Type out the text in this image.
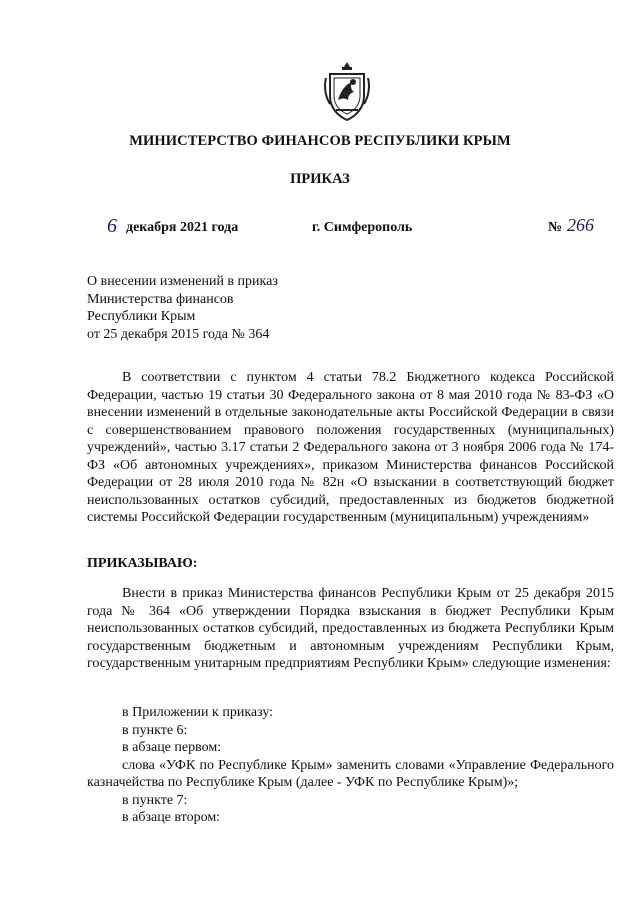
МИНИСТЕРСТВО ФИНАНСОВ РЕСПУБЛИКИ КРЫМ
ПРИКАЗ
6 декабря 2021 года	г. Симферополь	№ 266
О внесении изменений в приказ
Министерства финансов
Республики Крым
от 25 декабря 2015 года № 364
В соответствии с пунктом 4 статьи 78.2 Бюджетного кодекса Российской Федерации, частью 19 статьи 30 Федерального закона от 8 мая 2010 года № 83-ФЗ «О внесении изменений в отдельные законодательные акты Российской Федерации в связи с совершенствованием правового положения государственных (муниципальных) учреждений», частью 3.17 статьи 2 Федерального закона от 3 ноября 2006 года № 174-ФЗ «Об автономных учреждениях», приказом Министерства финансов Российской Федерации от 28 июля 2010 года № 82н «О взыскании в соответствующий бюджет неиспользованных остатков субсидий, предоставленных из бюджетов бюджетной системы Российской Федерации государственным (муниципальным) учреждениям»
ПРИКАЗЫВАЮ:
Внести в приказ Министерства финансов Республики Крым от 25 декабря 2015 года № 364 «Об утверждении Порядка взыскания в бюджет Республики Крым неиспользованных остатков субсидий, предоставленных из бюджета Республики Крым государственным бюджетным и автономным учреждениям Республики Крым, государственным унитарным предприятиям Республики Крым» следующие изменения:
в Приложении к приказу:
в пункте 6:
в абзаце первом:
слова «УФК по Республике Крым» заменить словами «Управление Федерального казначейства по Республике Крым (далее - УФК по Республике Крым)»;
в пункте 7:
в абзаце втором:
